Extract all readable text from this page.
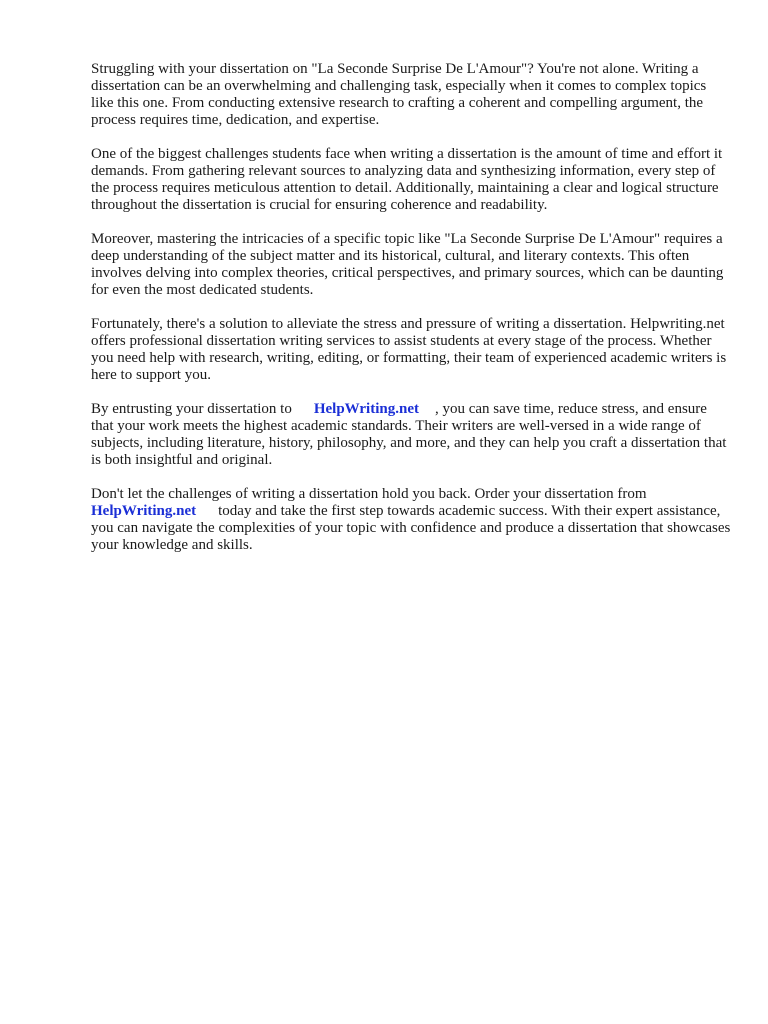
Struggling with your dissertation on "La Seconde Surprise De L'Amour"? You're not alone. Writing a dissertation can be an overwhelming and challenging task, especially when it comes to complex topics like this one. From conducting extensive research to crafting a coherent and compelling argument, the process requires time, dedication, and expertise.

One of the biggest challenges students face when writing a dissertation is the amount of time and effort it demands. From gathering relevant sources to analyzing data and synthesizing information, every step of the process requires meticulous attention to detail. Additionally, maintaining a clear and logical structure throughout the dissertation is crucial for ensuring coherence and readability.

Moreover, mastering the intricacies of a specific topic like "La Seconde Surprise De L'Amour" requires a deep understanding of the subject matter and its historical, cultural, and literary contexts. This often involves delving into complex theories, critical perspectives, and primary sources, which can be daunting for even the most dedicated students.

Fortunately, there's a solution to alleviate the stress and pressure of writing a dissertation. Helpwriting.net offers professional dissertation writing services to assist students at every stage of the process. Whether you need help with research, writing, editing, or formatting, their team of experienced academic writers is here to support you.

By entrusting your dissertation to HelpWriting.net , you can save time, reduce stress, and ensure that your work meets the highest academic standards. Their writers are well-versed in a wide range of subjects, including literature, history, philosophy, and more, and they can help you craft a dissertation that is both insightful and original.

Don't let the challenges of writing a dissertation hold you back. Order your dissertation from HelpWriting.net today and take the first step towards academic success. With their expert assistance, you can navigate the complexities of your topic with confidence and produce a dissertation that showcases your knowledge and skills.
